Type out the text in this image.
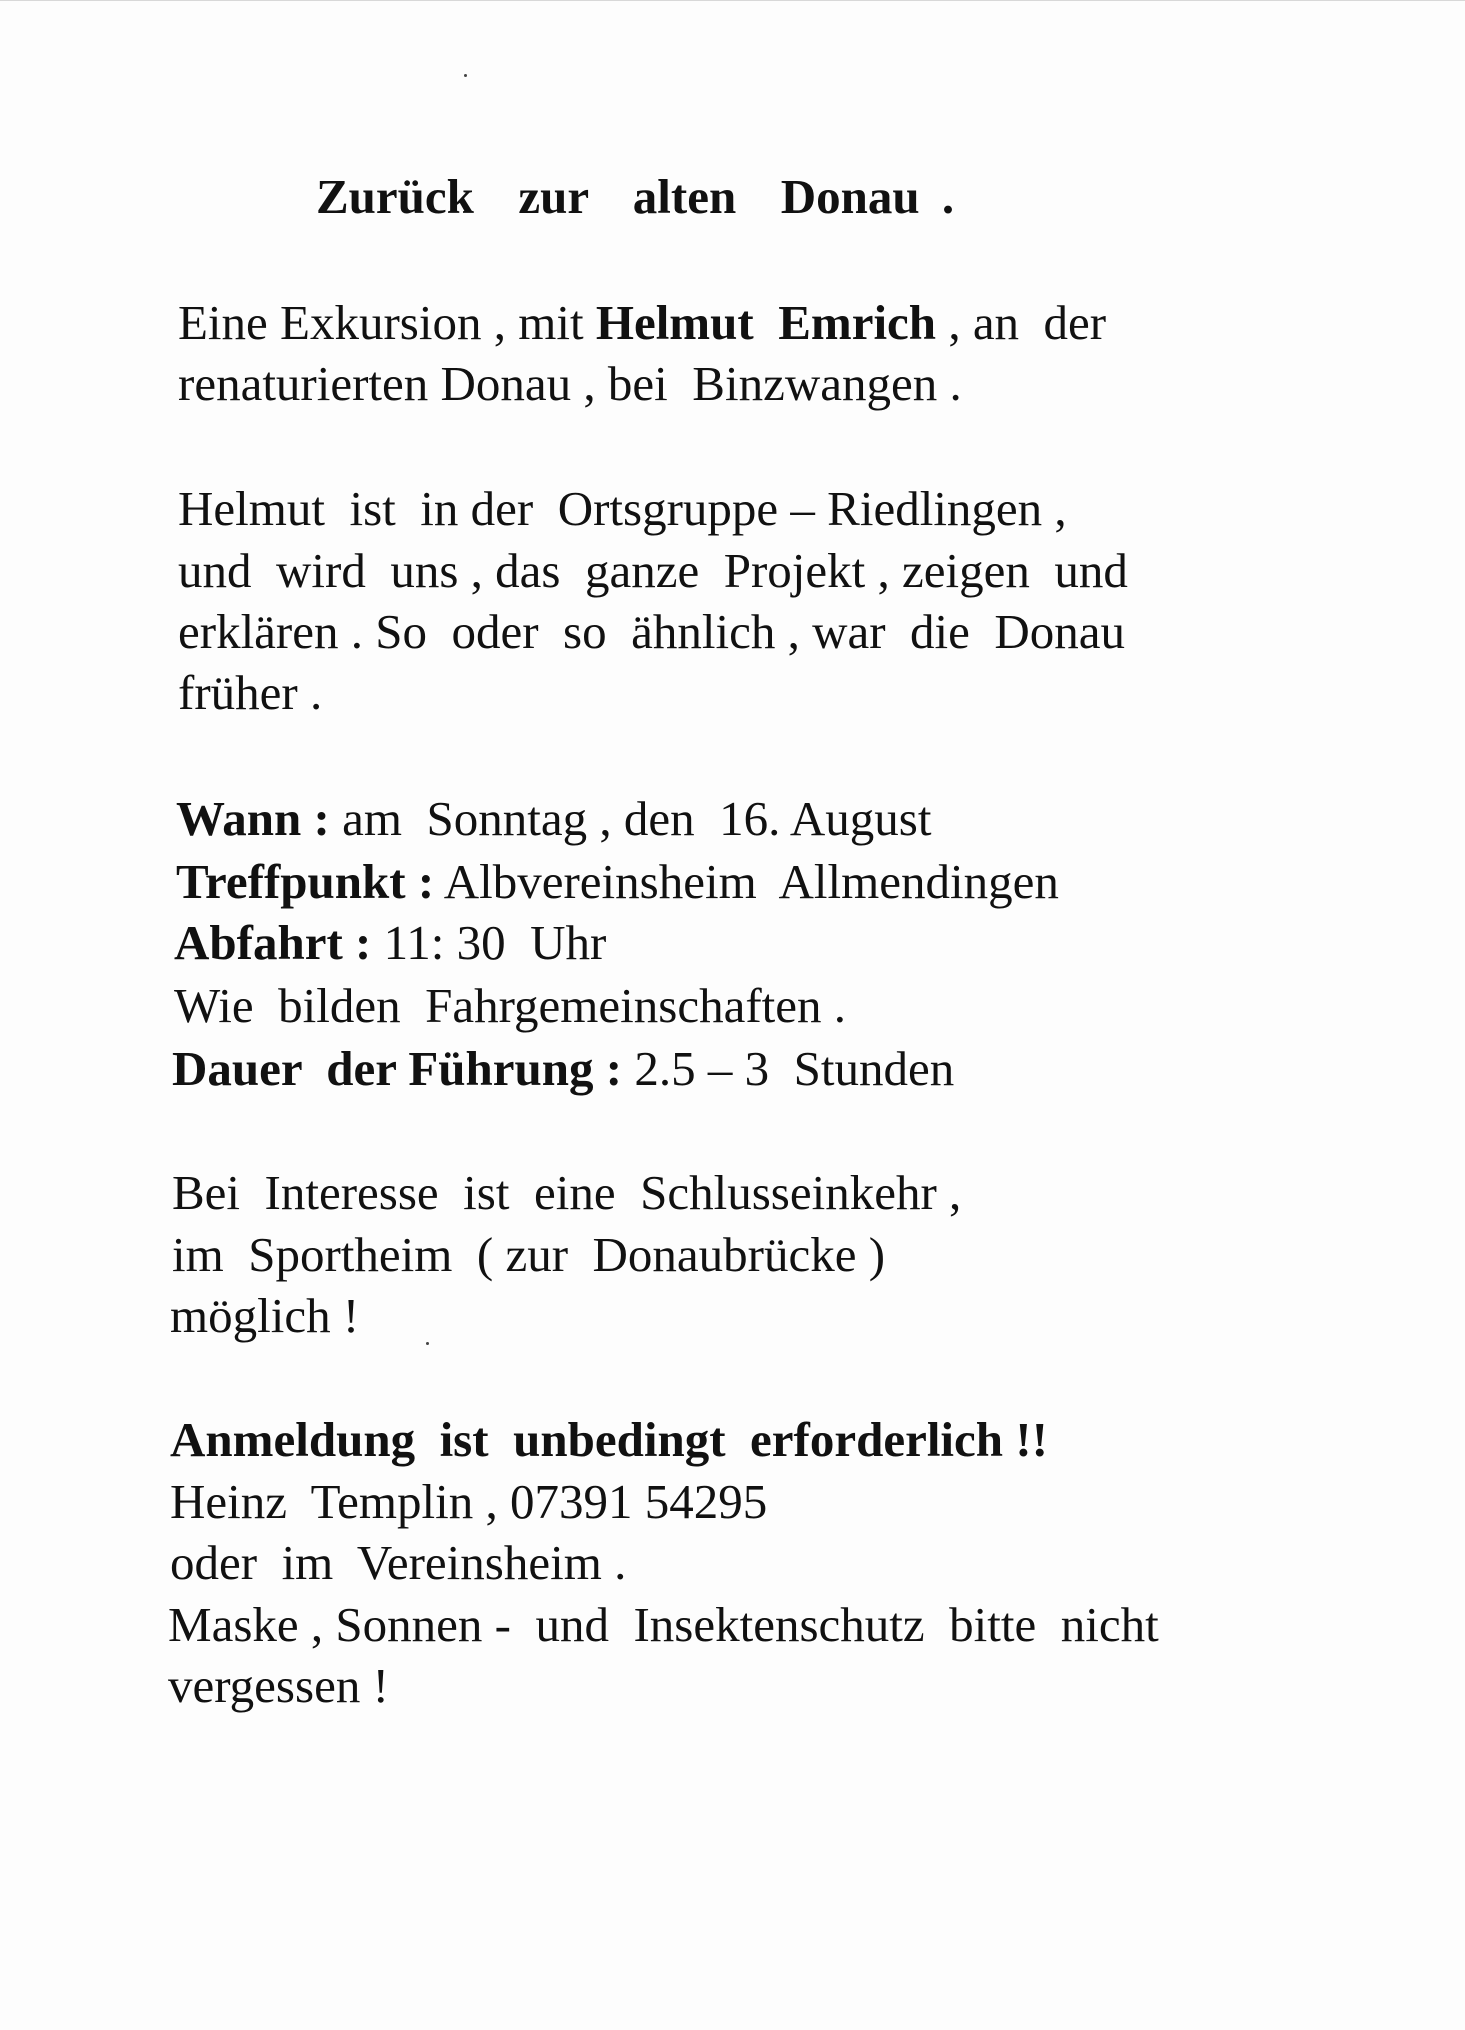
Zurück  zur  alten  Donau .
Eine Exkursion , mit Helmut  Emrich , an  der
renaturierten Donau , bei  Binzwangen .
Helmut  ist  in der  Ortsgruppe – Riedlingen ,
und  wird  uns , das  ganze  Projekt , zeigen  und
erklären . So  oder  so  ähnlich , war  die  Donau
früher .
Wann : am  Sonntag , den  16. August
Treffpunkt : Albvereinsheim  Allmendingen
Abfahrt : 11: 30  Uhr
Wie  bilden  Fahrgemeinschaften .
Dauer  der Führung : 2.5 – 3  Stunden
Bei  Interesse  ist  eine  Schlusseinkehr ,
im  Sportheim  ( zur  Donaubrücke )
möglich !
Anmeldung  ist  unbedingt  erforderlich !!
Heinz  Templin , 07391 54295
oder  im  Vereinsheim .
Maske , Sonnen -  und  Insektenschutz  bitte  nicht
vergessen !
